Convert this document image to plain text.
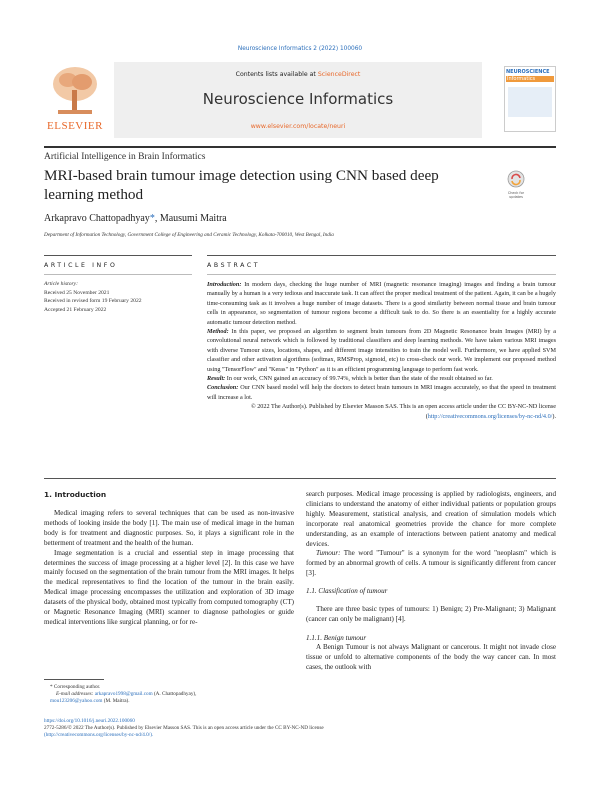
Neuroscience Informatics 2 (2022) 100060
ELSEVIER
Contents lists available at ScienceDirect
Neuroscience Informatics
www.elsevier.com/locate/neuri
NEUROSCIENCE
Informatics
Artificial Intelligence in Brain Informatics
MRI-based brain tumour image detection using CNN based deep learning method	Check for updates
Arkapravo Chattopadhyay*, Mausumi Maitra
Department of Information Technology, Government College of Engineering and Ceramic Technology, Kolkata-700010, West Bengal, India
ARTICLE INFO
Article history:
Received 25 November 2021
Received in revised form 19 February 2022
Accepted 21 February 2022
ABSTRACT

Introduction: In modern days, checking the huge number of MRI (magnetic resonance imaging) images and finding a brain tumour manually by a human is a very tedious and inaccurate task. It can affect the proper medical treatment of the patient. Again, it can be a hugely time-consuming task as it involves a huge number of image datasets. There is a good similarity between normal tissue and brain tumour cells in appearance, so segmentation of tumour regions become a difficult task to do. So there is an essentiality for a highly accurate automatic tumour detection method.

Method: In this paper, we proposed an algorithm to segment brain tumours from 2D Magnetic Resonance brain Images (MRI) by a convolutional neural network which is followed by traditional classifiers and deep learning methods. We have taken various MRI images with diverse Tumour sizes, locations, shapes, and different image intensities to train the model well. Furthermore, we have applied SVM classifier and other activation algorithms (softmax, RMSProp, sigmoid, etc) to cross-check our work. We implement our proposed method using "TensorFlow" and "Keras" in "Python" as it is an efficient programming language to perform fast work.

Result: In our work, CNN gained an accuracy of 99.74%, which is better than the state of the result obtained so far.

Conclusion: Our CNN based model will help the doctors to detect brain tumours in MRI images accurately, so that the speed in treatment will increase a lot.

© 2022 The Author(s). Published by Elsevier Masson SAS. This is an open access article under the CC BY-NC-ND license (http://creativecommons.org/licenses/by-nc-nd/4.0/).

1. Introduction

Medical imaging refers to several techniques that can be used as non-invasive methods of looking inside the body [1]. The main use of medical image in the human body is for treatment and diagnostic purposes. So, it plays a significant role in the betterment of treatment and the health of the human.

Image segmentation is a crucial and essential step in image processing that determines the success of image processing at a higher level [2]. In this case we have mainly focused on the segmentation of the brain tumour from the MRI images. It helps the medical representatives to find the location of the tumour in the brain easily. Medical image processing encompasses the utilization and exploration of 3D image datasets of the physical body, obtained most typically from computed tomography (CT) or Magnetic Resonance Imaging (MRI) scanner to diagnose pathologies or guide medical interventions like surgical planning, or for re-

search purposes. Medical image processing is applied by radiologists, engineers, and clinicians to understand the anatomy of either individual patients or population groups highly. Measurement, statistical analysis, and creation of simulation models which incorporate real anatomical geometries provide the chance for more complete understanding, as an example of interactions between patient anatomy and medical devices.

Tumour: The word "Tumour" is a synonym for the word "neoplasm" which is formed by an abnormal growth of cells. A tumour is significantly different from cancer [3].

1.1. Classification of tumour

There are three basic types of tumours: 1) Benign; 2) Pre-Malignant; 3) Malignant (cancer can only be malignant) [4].

1.1.1. Benign tumour

A Benign Tumour is not always Malignant or cancerous. It might not invade close tissue or unfold to alternative components of the body the way cancer can. In most cases, the outlook with

* Corresponding author.
E-mail addresses: arkapravo1998@gmail.com (A. Chattopadhyay),
mou123206@yahoo.com (M. Maitra).
https://doi.org/10.1016/j.neuri.2022.100060
2772-5286/© 2022 The Author(s). Published by Elsevier Masson SAS. This is an open access article under the CC BY-NC-ND license
(http://creativecommons.org/licenses/by-nc-nd/4.0/).
